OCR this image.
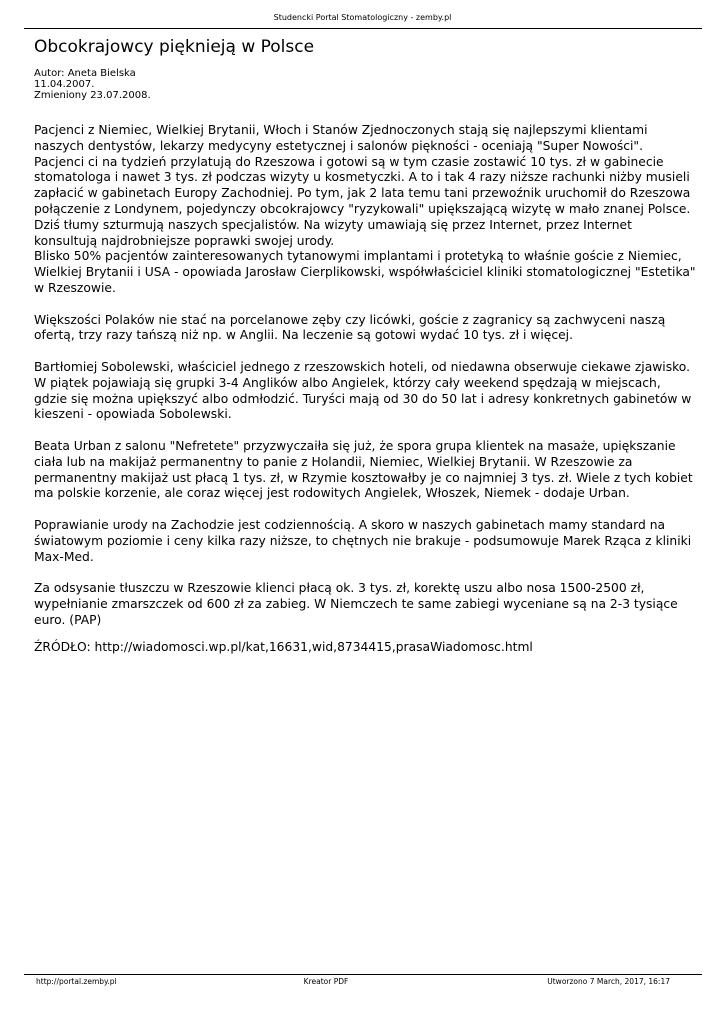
Studencki Portal Stomatologiczny - zemby.pl
Obcokrajowcy pięknieją w Polsce
Autor: Aneta Bielska
11.04.2007.
Zmieniony 23.07.2008.

Pacjenci z Niemiec, Wielkiej Brytanii, Włoch i Stanów Zjednoczonych stają się najlepszymi klientami naszych dentystów, lekarzy medycyny estetycznej i salonów piękności - oceniają "Super Nowości". Pacjenci ci na tydzień przylatują do Rzeszowa i gotowi są w tym czasie zostawić 10 tys. zł w gabinecie stomatologa i nawet 3 tys. zł podczas wizyty u kosmetyczki. A to i tak 4 razy niższe rachunki niżby musieli zapłacić w gabinetach Europy Zachodniej. Po tym, jak 2 lata temu tani przewoźnik uruchomił do Rzeszowa połączenie z Londynem, pojedynczy obcokrajowcy "ryzykowali" upiększającą wizytę w mało znanej Polsce. Dziś tłumy szturmują naszych specjalistów. Na wizyty umawiają się przez Internet, przez Internet konsultują najdrobniejsze poprawki swojej urody.

Blisko 50% pacjentów zainteresowanych tytanowymi implantami i protetyką to właśnie goście z Niemiec, Wielkiej Brytanii i USA - opowiada Jarosław Cierplikowski, współwłaściciel kliniki stomatologicznej "Estetika" w Rzeszowie.

Większości Polaków nie stać na porcelanowe zęby czy licówki, goście z zagranicy są zachwyceni naszą ofertą, trzy razy tańszą niż np. w Anglii. Na leczenie są gotowi wydać 10 tys. zł i więcej.

Bartłomiej Sobolewski, właściciel jednego z rzeszowskich hoteli, od niedawna obserwuje ciekawe zjawisko. W piątek pojawiają się grupki 3-4 Anglików albo Angielek, którzy cały weekend spędzają w miejscach, gdzie się można upiększyć albo odmłodzić. Turyści mają od 30 do 50 lat i adresy konkretnych gabinetów w kieszeni - opowiada Sobolewski.

Beata Urban z salonu "Nefretete" przyzwyczaiła się już, że spora grupa klientek na masaże, upiększanie ciała lub na makijaż permanentny to panie z Holandii, Niemiec, Wielkiej Brytanii. W Rzeszowie za permanentny makijaż ust płacą 1 tys. zł, w Rzymie kosztowałby je co najmniej 3 tys. zł. Wiele z tych kobiet ma polskie korzenie, ale coraz więcej jest rodowitych Angielek, Włoszek, Niemek - dodaje Urban.

Poprawianie urody na Zachodzie jest codziennością. A skoro w naszych gabinetach mamy standard na światowym poziomie i ceny kilka razy niższe, to chętnych nie brakuje - podsumowuje Marek Rząca z kliniki Max-Med.

Za odsysanie tłuszczu w Rzeszowie klienci płacą ok. 3 tys. zł, korektę uszu albo nosa 1500-2500 zł, wypełnianie zmarszczek od 600 zł za zabieg. W Niemczech te same zabiegi wyceniane są na 2-3 tysiące euro. (PAP)

ŹRÓDŁO: http://wiadomosci.wp.pl/kat,16631,wid,8734415,prasaWiadomosc.html
http://portal.zemby.pl	Kreator PDF	Utworzono 7 March, 2017, 16:17
